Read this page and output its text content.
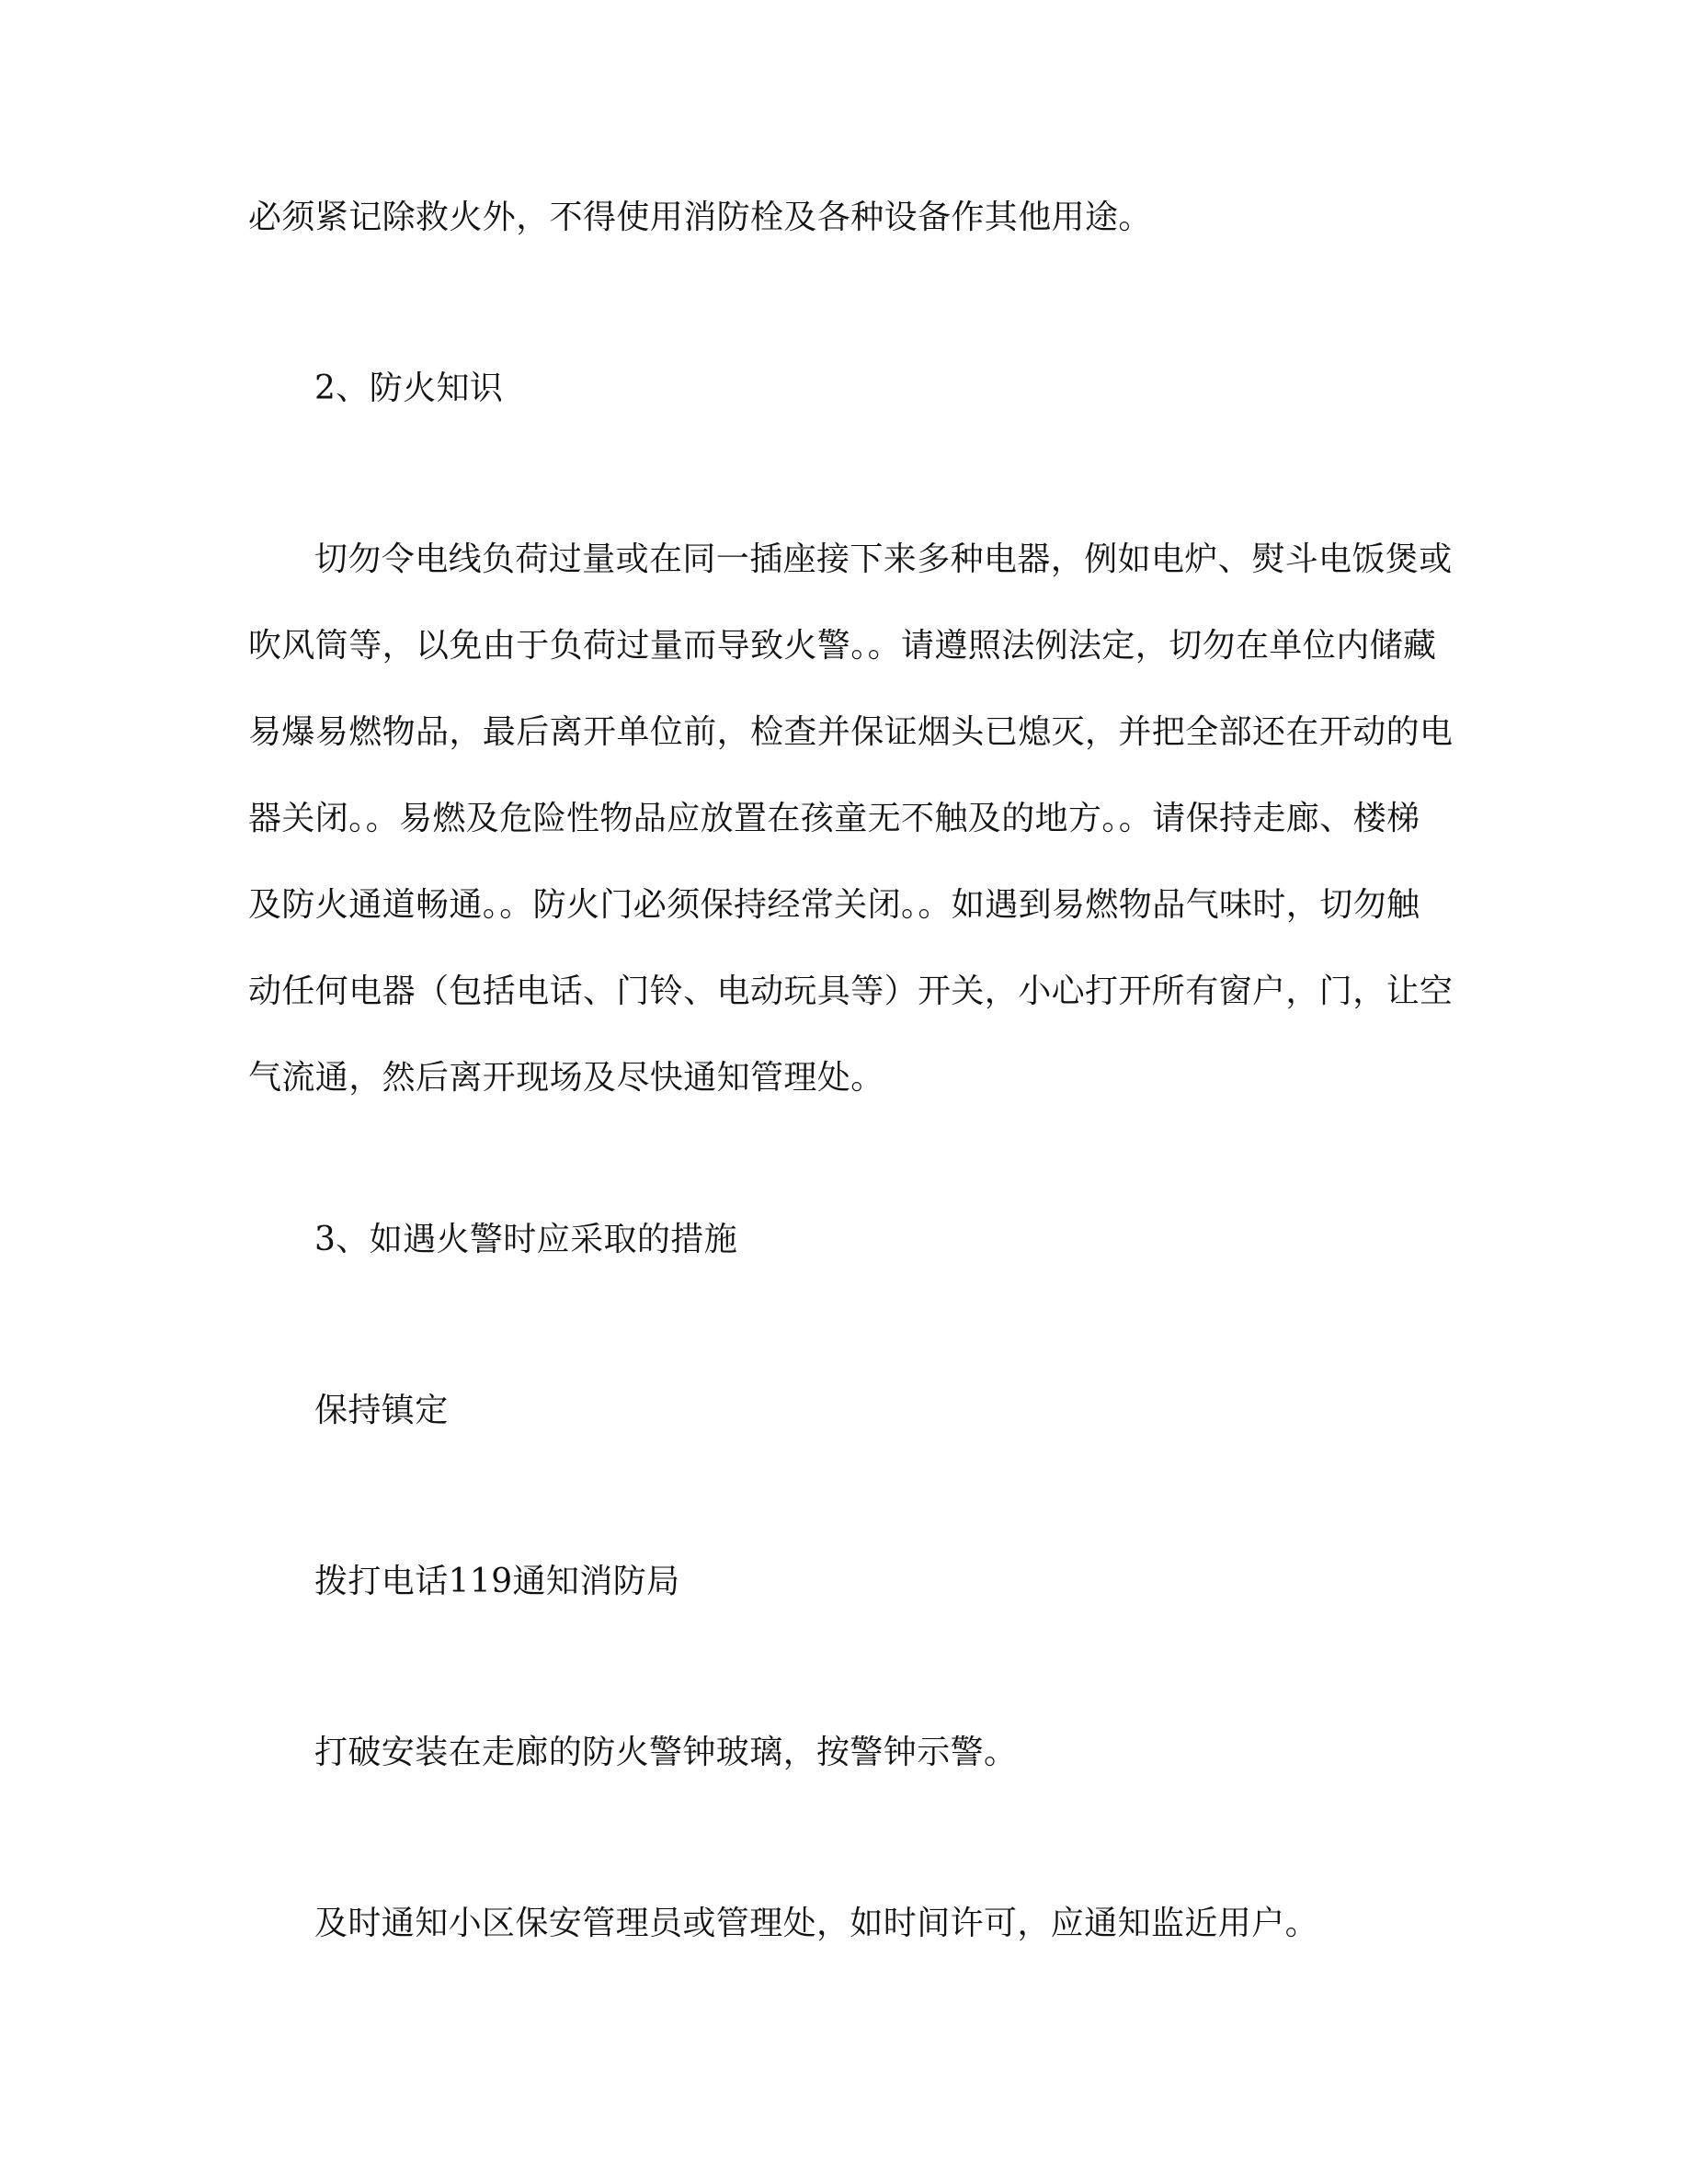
必须紧记除救火外，不得使用消防栓及各种设备作其他用途。

2、防火知识

切勿令电线负荷过量或在同一插座接下来多种电器，例如电炉、熨斗电饭煲或
吹风筒等，以免由于负荷过量而导致火警。。请遵照法例法定，切勿在单位内储藏
易爆易燃物品，最后离开单位前，检查并保证烟头已熄灭，并把全部还在开动的电
器关闭。。易燃及危险性物品应放置在孩童无不触及的地方。。请保持走廊、楼梯
及防火通道畅通。。防火门必须保持经常关闭。。如遇到易燃物品气味时，切勿触
动任何电器（包括电话、门铃、电动玩具等）开关，小心打开所有窗户，门，让空
气流通，然后离开现场及尽快通知管理处。

3、如遇火警时应采取的措施

保持镇定

拨打电话119通知消防局

打破安装在走廊的防火警钟玻璃，按警钟示警。

及时通知小区保安管理员或管理处，如时间许可，应通知监近用户。
